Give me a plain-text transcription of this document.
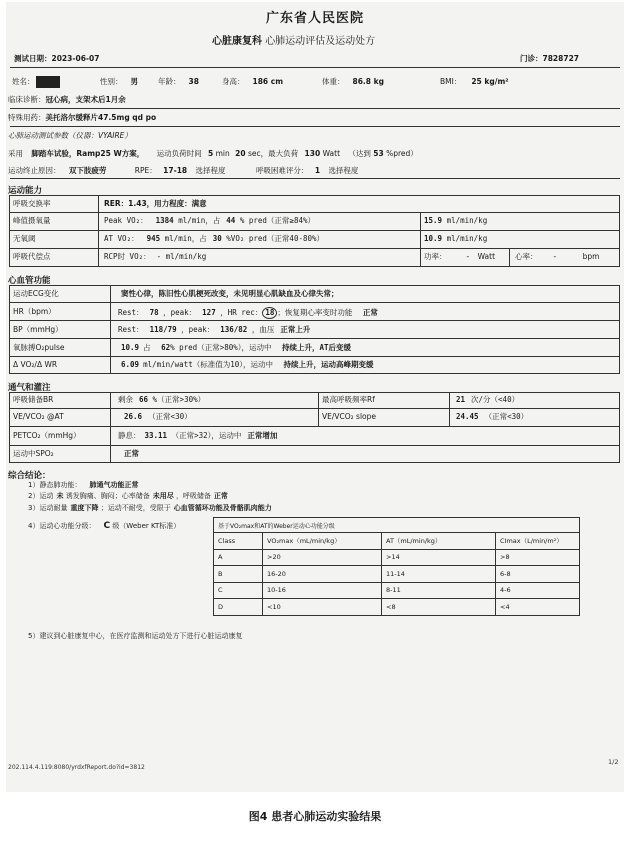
广东省人民医院
心脏康复科 心肺运动评估及运动处方
测试日期：2023-06-07	门诊：7828727
姓名：	性别： 男	年龄： 38	身高： 186 cm	体重： 86.8 kg	BMI： 25 kg/m²
临床诊断：冠心病，支架术后1月余
特殊用药：美托洛尔缓释片47.5mg qd po
心肺运动测试参数（仪器：VYAIRE）
采用 脚踏车试验，Ramp25 W方案， 运动负荷时间 5 min 20 sec，最大负荷 130 Watt （达到 53 %pred）
运动终止原因： 双下肢疲劳	RPE： 17-18 选择程度	呼吸困难评分： 1 选择程度
运动能力
呼吸交换率	RER：1.43，用力程度：满意
峰值摄氧量	Peak VO₂： 1384 ml/min，占 44 % pred（正常≥84%）	15.9 ml/min/kg
无氧阈	AT VO₂： 945 ml/min，占 30 %VO₂ pred（正常40-80%）	10.9 ml/min/kg
呼吸代偿点	RCP时 VO₂： - ml/min/kg	功率：	- Watt	心率： -	bpm
心血管功能
运动ECG变化	窦性心律，陈旧性心肌梗死改变，未见明显心肌缺血及心律失常；
HR（bpm）	Rest： 78 ，peak： 127 ，HR rec： 18 ；恢复期心率变时功能 正常
BP（mmHg）	Rest： 118/79 ，peak： 136/82 ，血压 正常上升
氧脉搏O₂pulse	10.9 占 62% pred（正常>80%），运动中 持续上升，AT后变缓
Δ VO₂/Δ WR	6.09 ml/min/watt（标准值为10），运动中 持续上升，运动高峰期变缓
通气和灌注
呼吸储备BR	剩余 66 %（正常>30%）	最高呼吸频率Rf	21 次/分（<40）
VE/VCO₂ @AT	26.6 （正常<30）	VE/VCO₂ slope	24.45 （正常<30）
PETCO₂（mmHg）	静息： 33.11 （正常>32），运动中 正常增加
运动中SPO₂	正常
综合结论：
1）静态肺功能： 肺通气功能正常
2）运动 未 诱发胸痛、胸闷；心率储备 未用尽 ，呼吸储备 正常
3）运动耐量 重度下降 ；运动不耐受，受限于 心血管循环功能及骨骼肌肉能力
4）运动心功能分级： C 级（Weber KT标准）	基于VO₂max和AT的Weber运动心功能分级			
Class	VO₂max（mL/min/kg）	AT（mL/min/kg）	CImax（L/min/m²）
A	>20	>14	>8
B	16-20	11-14	6-8
C	10-16	8-11	4-6
D	<10	<8	<4
5）建议到心脏康复中心，在医疗监测和运动处方下进行心脏运动康复
202.114.4.119:8080/yrdxfReport.do?id=3812
1/2
图4 患者心肺运动实验结果
